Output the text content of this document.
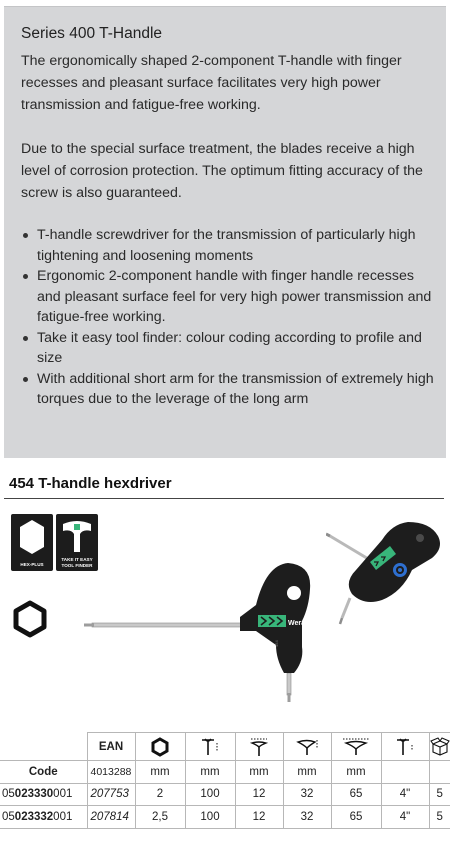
Series 400 T-Handle

The ergonomically shaped 2-component T-handle with finger recesses and pleasant surface facilitates very high power transmission and fatigue-free working.

Due to the special surface treatment, the blades receive a high level of corrosion protection. The optimum fitting accuracy of the screw is also guaranteed.

T-handle screwdriver for the transmission of particularly high tightening and loosening moments
Ergonomic 2-component handle with finger handle recesses and pleasant surface feel for very high power transmission and fatigue-free working.
Take it easy tool finder: colour coding according to profile and size
With additional short arm for the transmission of extremely high torques due to the leverage of the long arm
454 T-handle hexdriver
HEX-PLUS
TAKE IT EASY
TOOL FINDER
Wera
454
	EAN	

Code	4013288	mm	mm	mm	mm	mm		
05023330001	207753	2	100	12	32	65	4"	5
05023332001	207814	2,5	100	12	32	65	4"	5
